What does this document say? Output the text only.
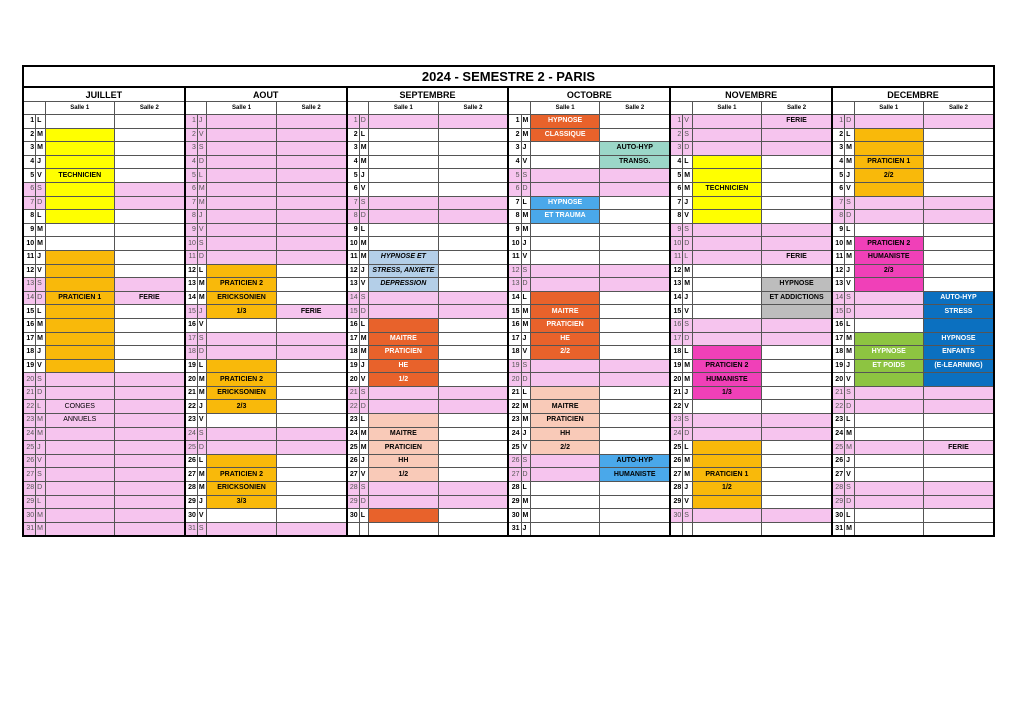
2024 - SEMESTRE 2 - PARIS																							
JUILLET				AOUT				SEPTEMBRE				OCTOBRE				NOVEMBRE				DECEMBRE			
		Salle 1	Salle 2			Salle 1	Salle 2			Salle 1	Salle 2			Salle 1	Salle 2			Salle 1	Salle 2			Salle 1	Salle 2
1	L			1	J			1	D			1	M	HYPNOSE		1	V		FERIE	1	D		
2	M			2	V			2	L			2	M	CLASSIQUE		2	S			2	L		
3	M			3	S			3	M			3	J		AUTO-HYP	3	D			3	M		
4	J			4	D			4	M			4	V		TRANSG.	4	L			4	M	PRATICIEN 1	
5	V	TECHNICIEN		5	L			5	J			5	S			5	M			5	J	2/2	
6	S			6	M			6	V			6	D			6	M	TECHNICIEN		6	V		
7	D			7	M			7	S			7	L	HYPNOSE		7	J			7	S		
8	L			8	J			8	D			8	M	ET TRAUMA		8	V			8	D		
9	M			9	V			9	L			9	M			9	S			9	L		
10	M			10	S			10	M			10	J			10	D			10	M	PRATICIEN 2	
11	J			11	D			11	M	HYPNOSE ET		11	V			11	L		FERIE	11	M	HUMANISTE	
12	V			12	L			12	J	STRESS, ANXIETE		12	S			12	M			12	J	2/3	
13	S			13	M	PRATICIEN 2		13	V	DEPRESSION		13	D			13	M		HYPNOSE	13	V		
14	D	PRATICIEN 1	FERIE	14	M	ERICKSONIEN		14	S			14	L			14	J		ET ADDICTIONS	14	S		AUTO-HYP
15	L			15	J	1/3	FERIE	15	D			15	M	MAITRE		15	V			15	D		STRESS
16	M			16	V			16	L			16	M	PRATICIEN		16	S			16	L		
17	M			17	S			17	M	MAITRE		17	J	HE		17	D			17	M		HYPNOSE
18	J			18	D			18	M	PRATICIEN		18	V	2/2		18	L			18	M	HYPNOSE	ENFANTS
19	V			19	L			19	J	HE		19	S			19	M	PRATICIEN 2		19	J	ET POIDS	(E-LEARNING)
20	S			20	M	PRATICIEN 2		20	V	1/2		20	D			20	M	HUMANISTE		20	V		
21	D			21	M	ERICKSONIEN		21	S			21	L			21	J	1/3		21	S		
22	L	CONGES		22	J	2/3		22	D			22	M	MAITRE		22	V			22	D		
23	M	ANNUELS		23	V			23	L			23	M	PRATICIEN		23	S			23	L		
24	M			24	S			24	M	MAITRE		24	J	HH		24	D			24	M		
25	J			25	D			25	M	PRATICIEN		25	V	2/2		25	L			25	M		FERIE
26	V			26	L			26	J	HH		26	S		AUTO-HYP	26	M			26	J		
27	S			27	M	PRATICIEN 2		27	V	1/2		27	D		HUMANISTE	27	M	PRATICIEN 1		27	V		
28	D			28	M	ERICKSONIEN		28	S			28	L			28	J	1/2		28	S		
29	L			29	J	3/3		29	D			29	M			29	V			29	D		
30	M			30	V			30	L			30	M			30	S			30	L		
31	M			31	S							31	J							31	M		
